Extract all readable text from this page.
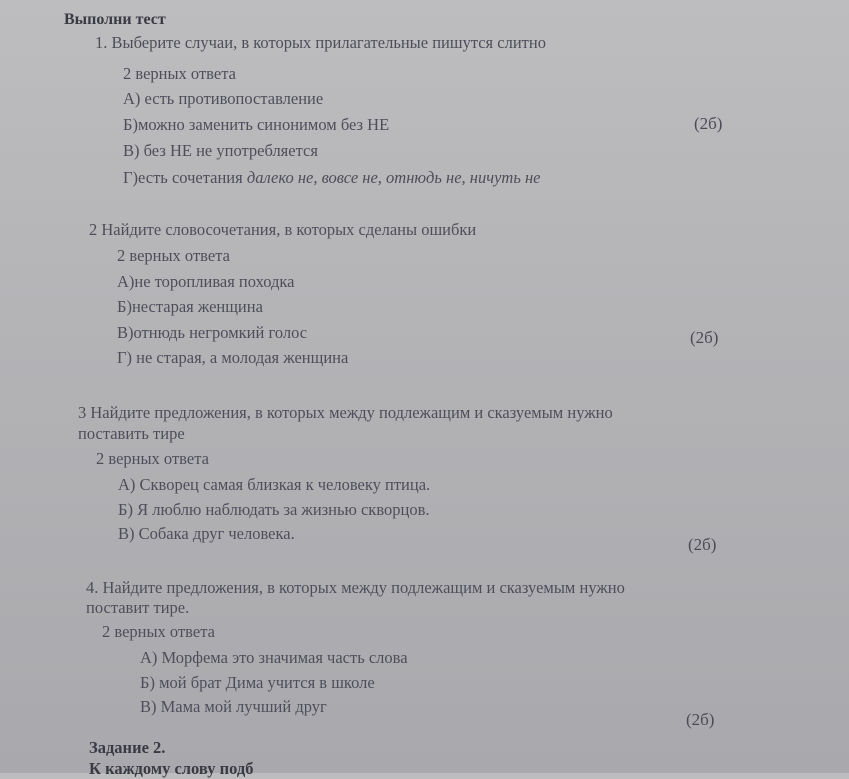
Выполни тест
1. Выберите случаи, в которых прилагательные пишутся слитно
2 верных ответа
А) есть противопоставление
Б)можно заменить синонимом без НЕ
В) без НЕ не употребляется
Г)есть сочетания далеко не, вовсе не, отнюдь не, ничуть не
(2б)
2 Найдите словосочетания, в которых сделаны ошибки
2 верных ответа
А)не торопливая походка
Б)нестарая женщина
В)отнюдь негромкий голос
Г) не старая, а молодая женщина
(2б)
3 Найдите предложения, в которых между подлежащим и сказуемым нужно
поставить тире
2 верных ответа
А) Скворец самая близкая к человеку птица.
Б) Я люблю наблюдать за жизнью скворцов.
В) Собака друг человека.
(2б)
4. Найдите предложения, в которых между подлежащим и сказуемым нужно
поставит тире.
2 верных ответа
А) Морфема это значимая часть слова
Б) мой брат Дима учится в школе
В) Мама мой лучший друг
(2б)
Задание 2.
К каждому слову подб
